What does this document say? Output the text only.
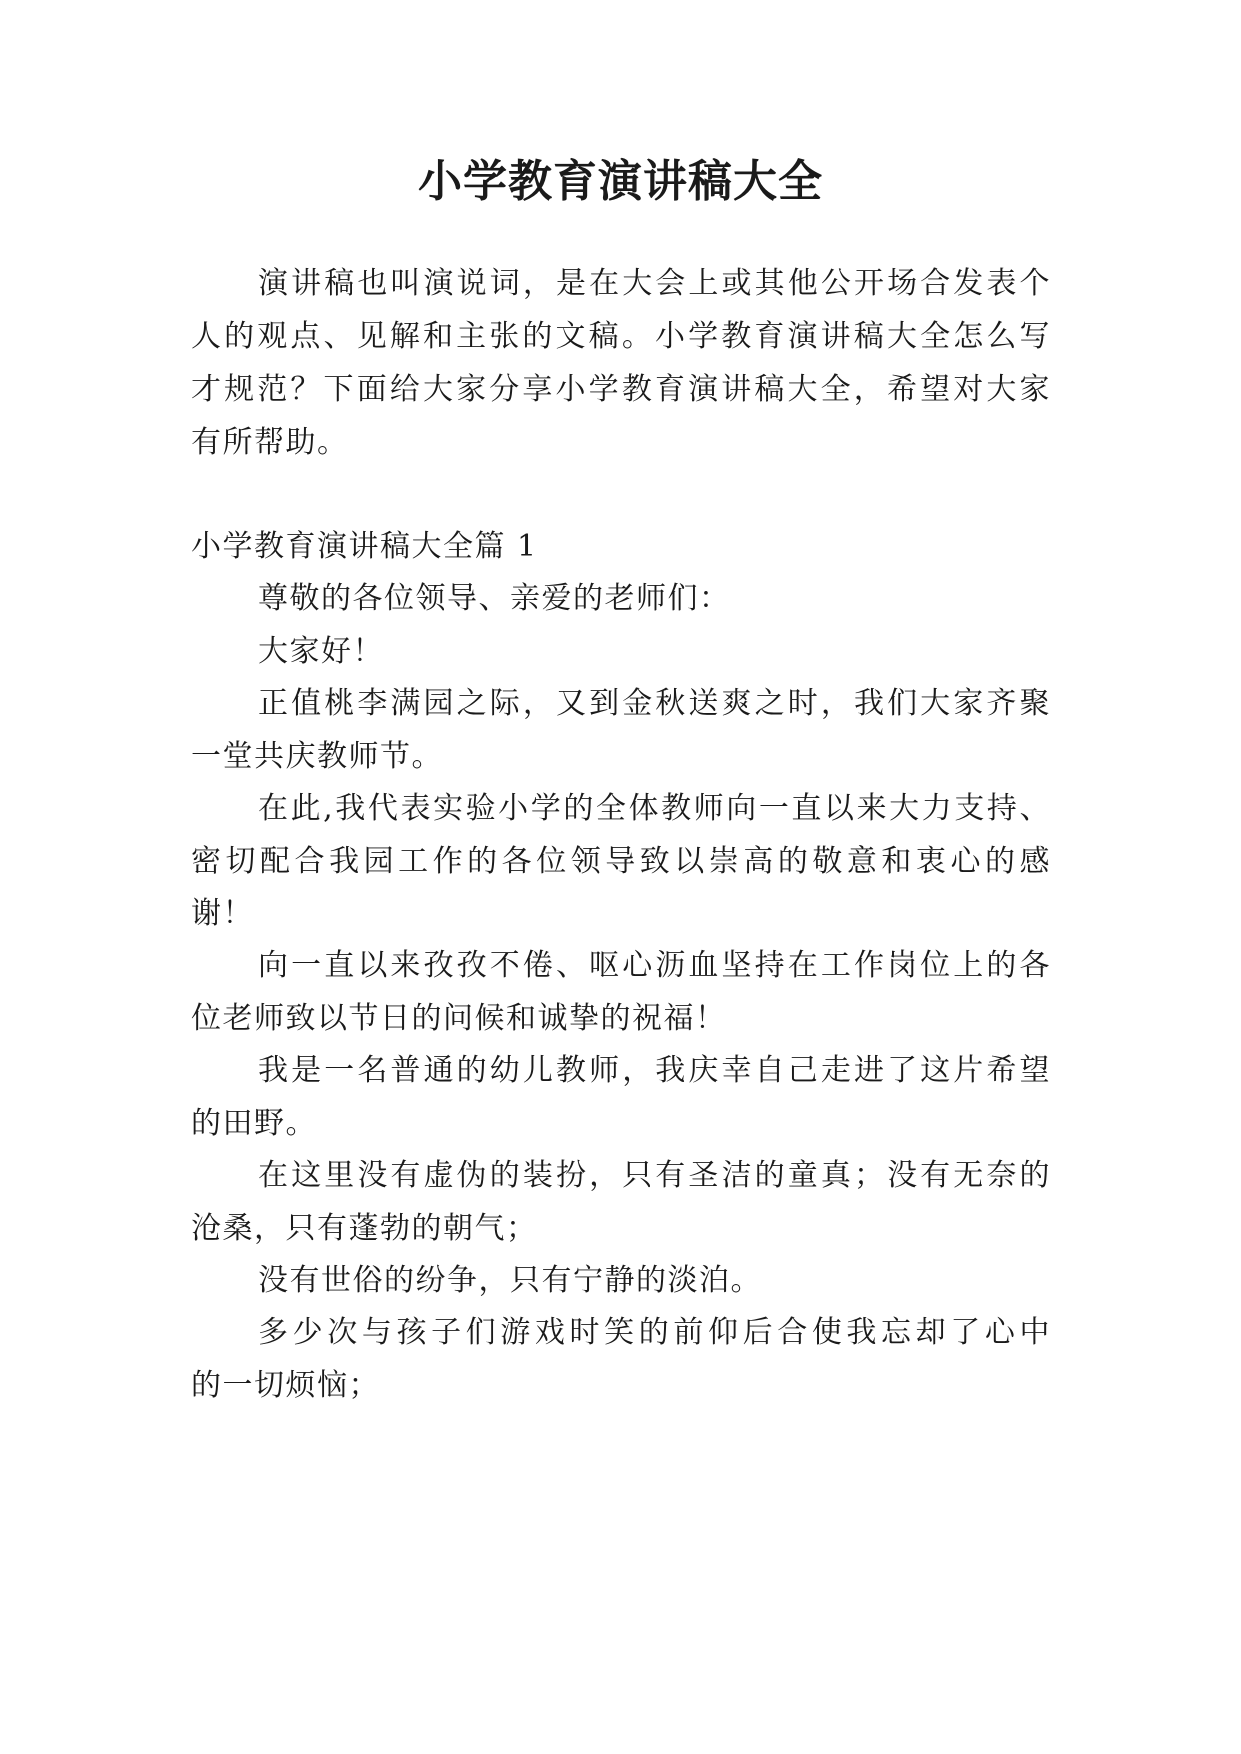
小学教育演讲稿大全

演讲稿也叫演说词，是在大会上或其他公开场合发表个

人的观点、见解和主张的文稿。小学教育演讲稿大全怎么写

才规范？下面给大家分享小学教育演讲稿大全，希望对大家

有所帮助。

小学教育演讲稿大全篇 1

尊敬的各位领导、亲爱的老师们：

大家好！

正值桃李满园之际，又到金秋送爽之时，我们大家齐聚

一堂共庆教师节。

在此,我代表实验小学的全体教师向一直以来大力支持、

密切配合我园工作的各位领导致以崇高的敬意和衷心的感

谢！

向一直以来孜孜不倦、呕心沥血坚持在工作岗位上的各

位老师致以节日的问候和诚挚的祝福！

我是一名普通的幼儿教师，我庆幸自己走进了这片希望

的田野。

在这里没有虚伪的装扮，只有圣洁的童真；没有无奈的

沧桑，只有蓬勃的朝气；

没有世俗的纷争，只有宁静的淡泊。

多少次与孩子们游戏时笑的前仰后合使我忘却了心中

的一切烦恼；
